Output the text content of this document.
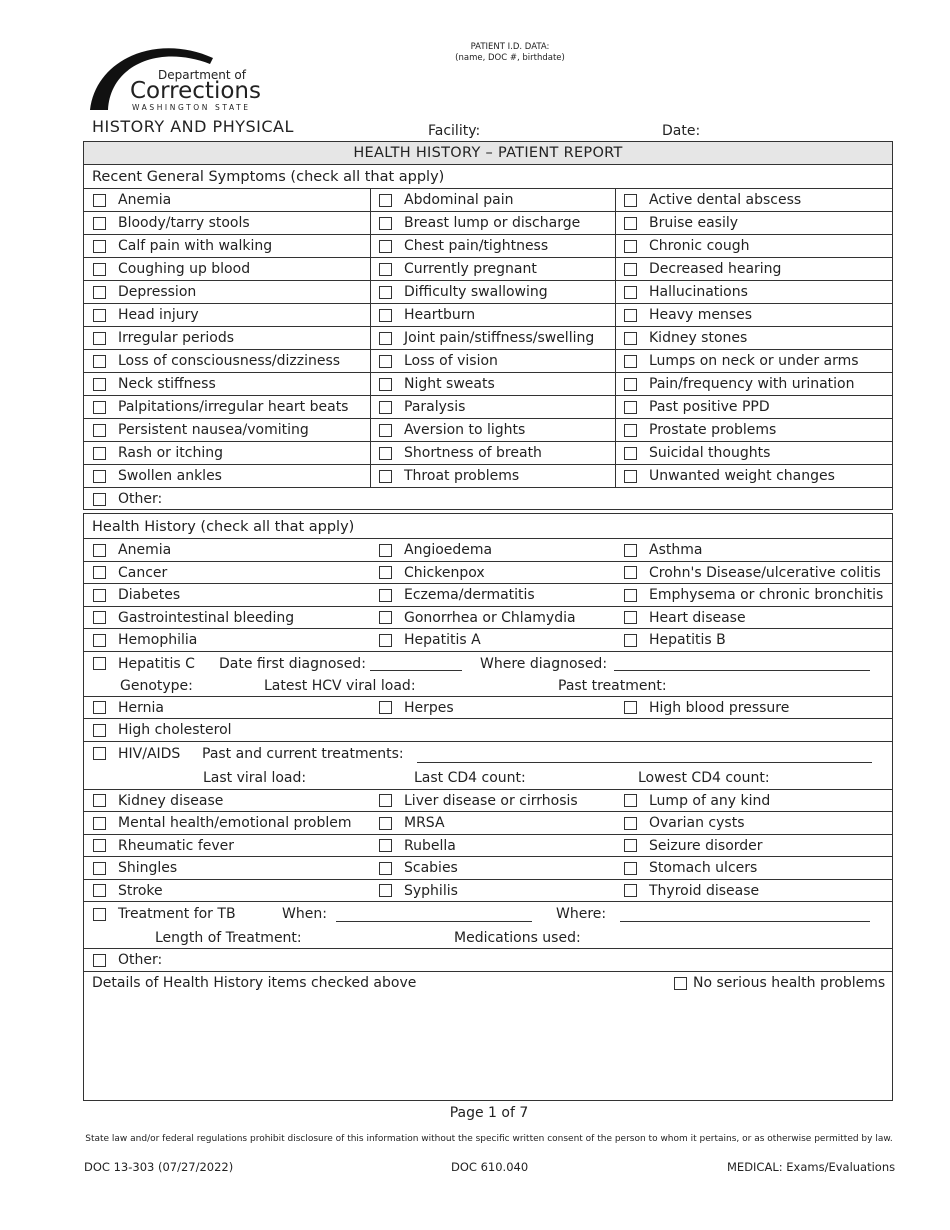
Department of
Corrections
WASHINGTON STATE
PATIENT I.D. DATA:
(name, DOC #, birthdate)
HISTORY AND PHYSICAL	Facility:	Date:
HEALTH HISTORY – PATIENT REPORT
Recent General Symptoms (check all that apply)
Anemia	Abdominal pain	Active dental abscess
Bloody/tarry stools	Breast lump or discharge	Bruise easily
Calf pain with walking	Chest pain/tightness	Chronic cough
Coughing up blood	Currently pregnant	Decreased hearing
Depression	Difficulty swallowing	Hallucinations
Head injury	Heartburn	Heavy menses
Irregular periods	Joint pain/stiffness/swelling	Kidney stones
Loss of consciousness/dizziness	Loss of vision	Lumps on neck or under arms
Neck stiffness	Night sweats	Pain/frequency with urination
Palpitations/irregular heart beats	Paralysis	Past positive PPD
Persistent nausea/vomiting	Aversion to lights	Prostate problems
Rash or itching	Shortness of breath	Suicidal thoughts
Swollen ankles	Throat problems	Unwanted weight changes
Other:
Health History (check all that apply)
Anemia	Angioedema	Asthma
Cancer	Chickenpox	Crohn's Disease/ulcerative colitis
Diabetes	Eczema/dermatitis	Emphysema or chronic bronchitis
Gastrointestinal bleeding	Gonorrhea or Chlamydia	Heart disease
Hemophilia	Hepatitis A	Hepatitis B
Hepatitis C Date first diagnosed:	Where diagnosed:
Genotype:	Latest HCV viral load:	Past treatment:
Hernia	Herpes	High blood pressure
High cholesterol
HIV/AIDS Past and current treatments:
Last viral load:	Last CD4 count:	Lowest CD4 count:
Kidney disease	Liver disease or cirrhosis	Lump of any kind
Mental health/emotional problem	MRSA	Ovarian cysts
Rheumatic fever	Rubella	Seizure disorder
Shingles	Scabies	Stomach ulcers
Stroke	Syphilis	Thyroid disease
Treatment for TB	When:	Where:
Length of Treatment:	Medications used:
Other:
Details of Health History items checked above	No serious health problems
Page 1 of 7
State law and/or federal regulations prohibit disclosure of this information without the specific written consent of the person to whom it pertains, or as otherwise permitted by law.
DOC 13-303 (07/27/2022)	DOC 610.040	MEDICAL: Exams/Evaluations
